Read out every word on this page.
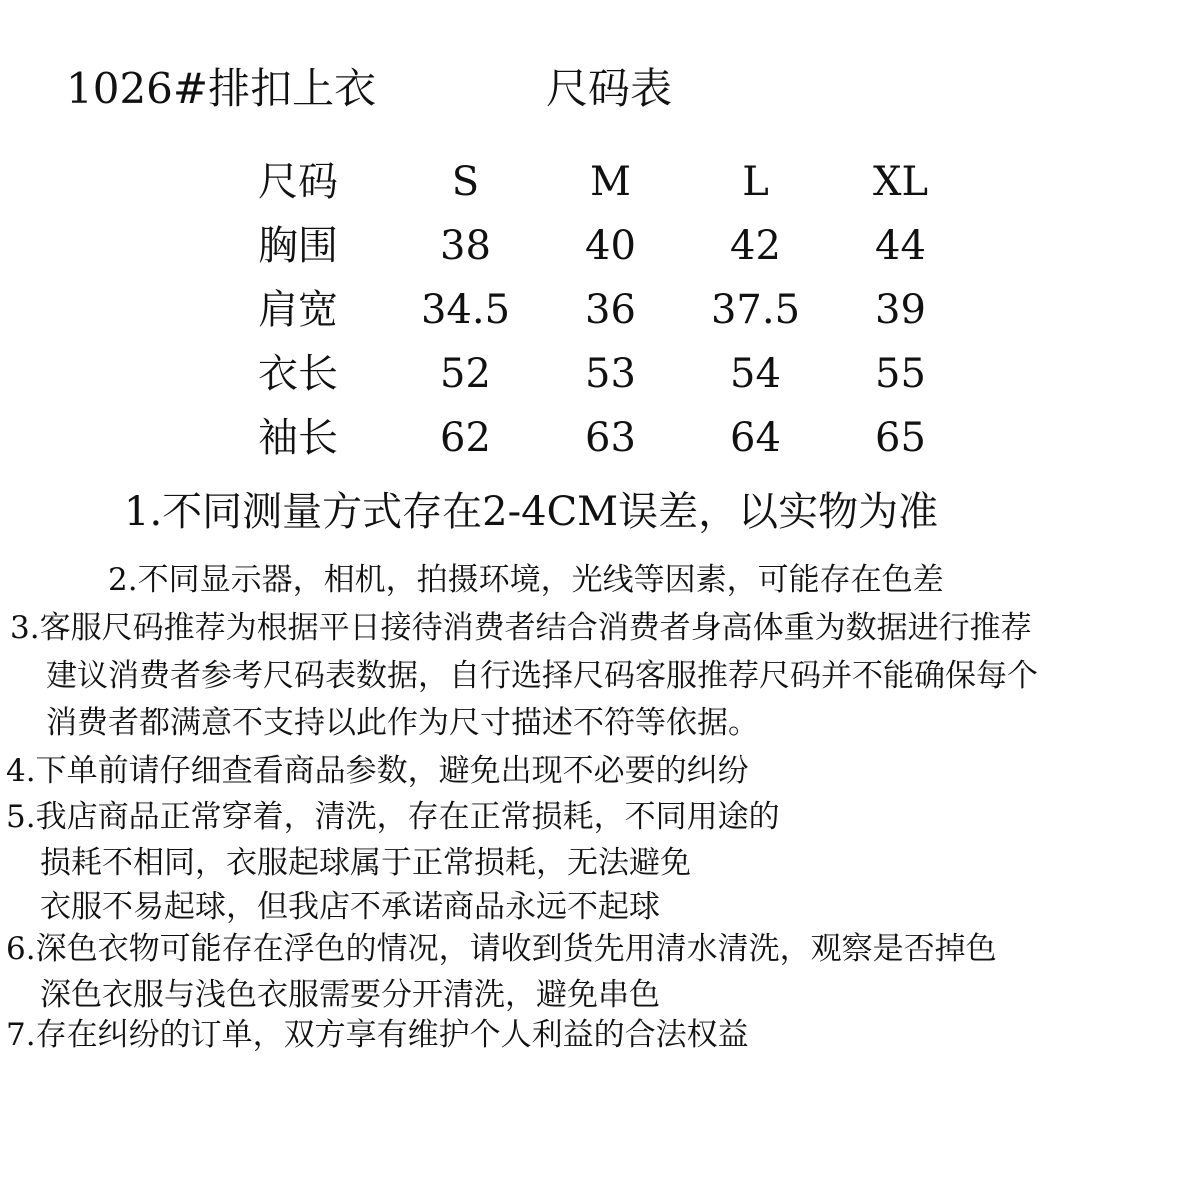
1026#排扣上衣	尺码表
尺码	S	M	L	XL
胸围	38	40	42	44
肩宽	34.5	36	37.5	39
衣长	52	53	54	55
袖长	62	63	64	65
1.不同测量方式存在2-4CM误差，以实物为准
2.不同显示器，相机，拍摄环境，光线等因素，可能存在色差
3.客服尺码推荐为根据平日接待消费者结合消费者身高体重为数据进行推荐
建议消费者参考尺码表数据，自行选择尺码客服推荐尺码并不能确保每个
消费者都满意不支持以此作为尺寸描述不符等依据。
4.下单前请仔细查看商品参数，避免出现不必要的纠纷
5.我店商品正常穿着，清洗，存在正常损耗，不同用途的
损耗不相同，衣服起球属于正常损耗，无法避免
衣服不易起球，但我店不承诺商品永远不起球
6.深色衣物可能存在浮色的情况，请收到货先用清水清洗，观察是否掉色
深色衣服与浅色衣服需要分开清洗，避免串色
7.存在纠纷的订单，双方享有维护个人利益的合法权益
